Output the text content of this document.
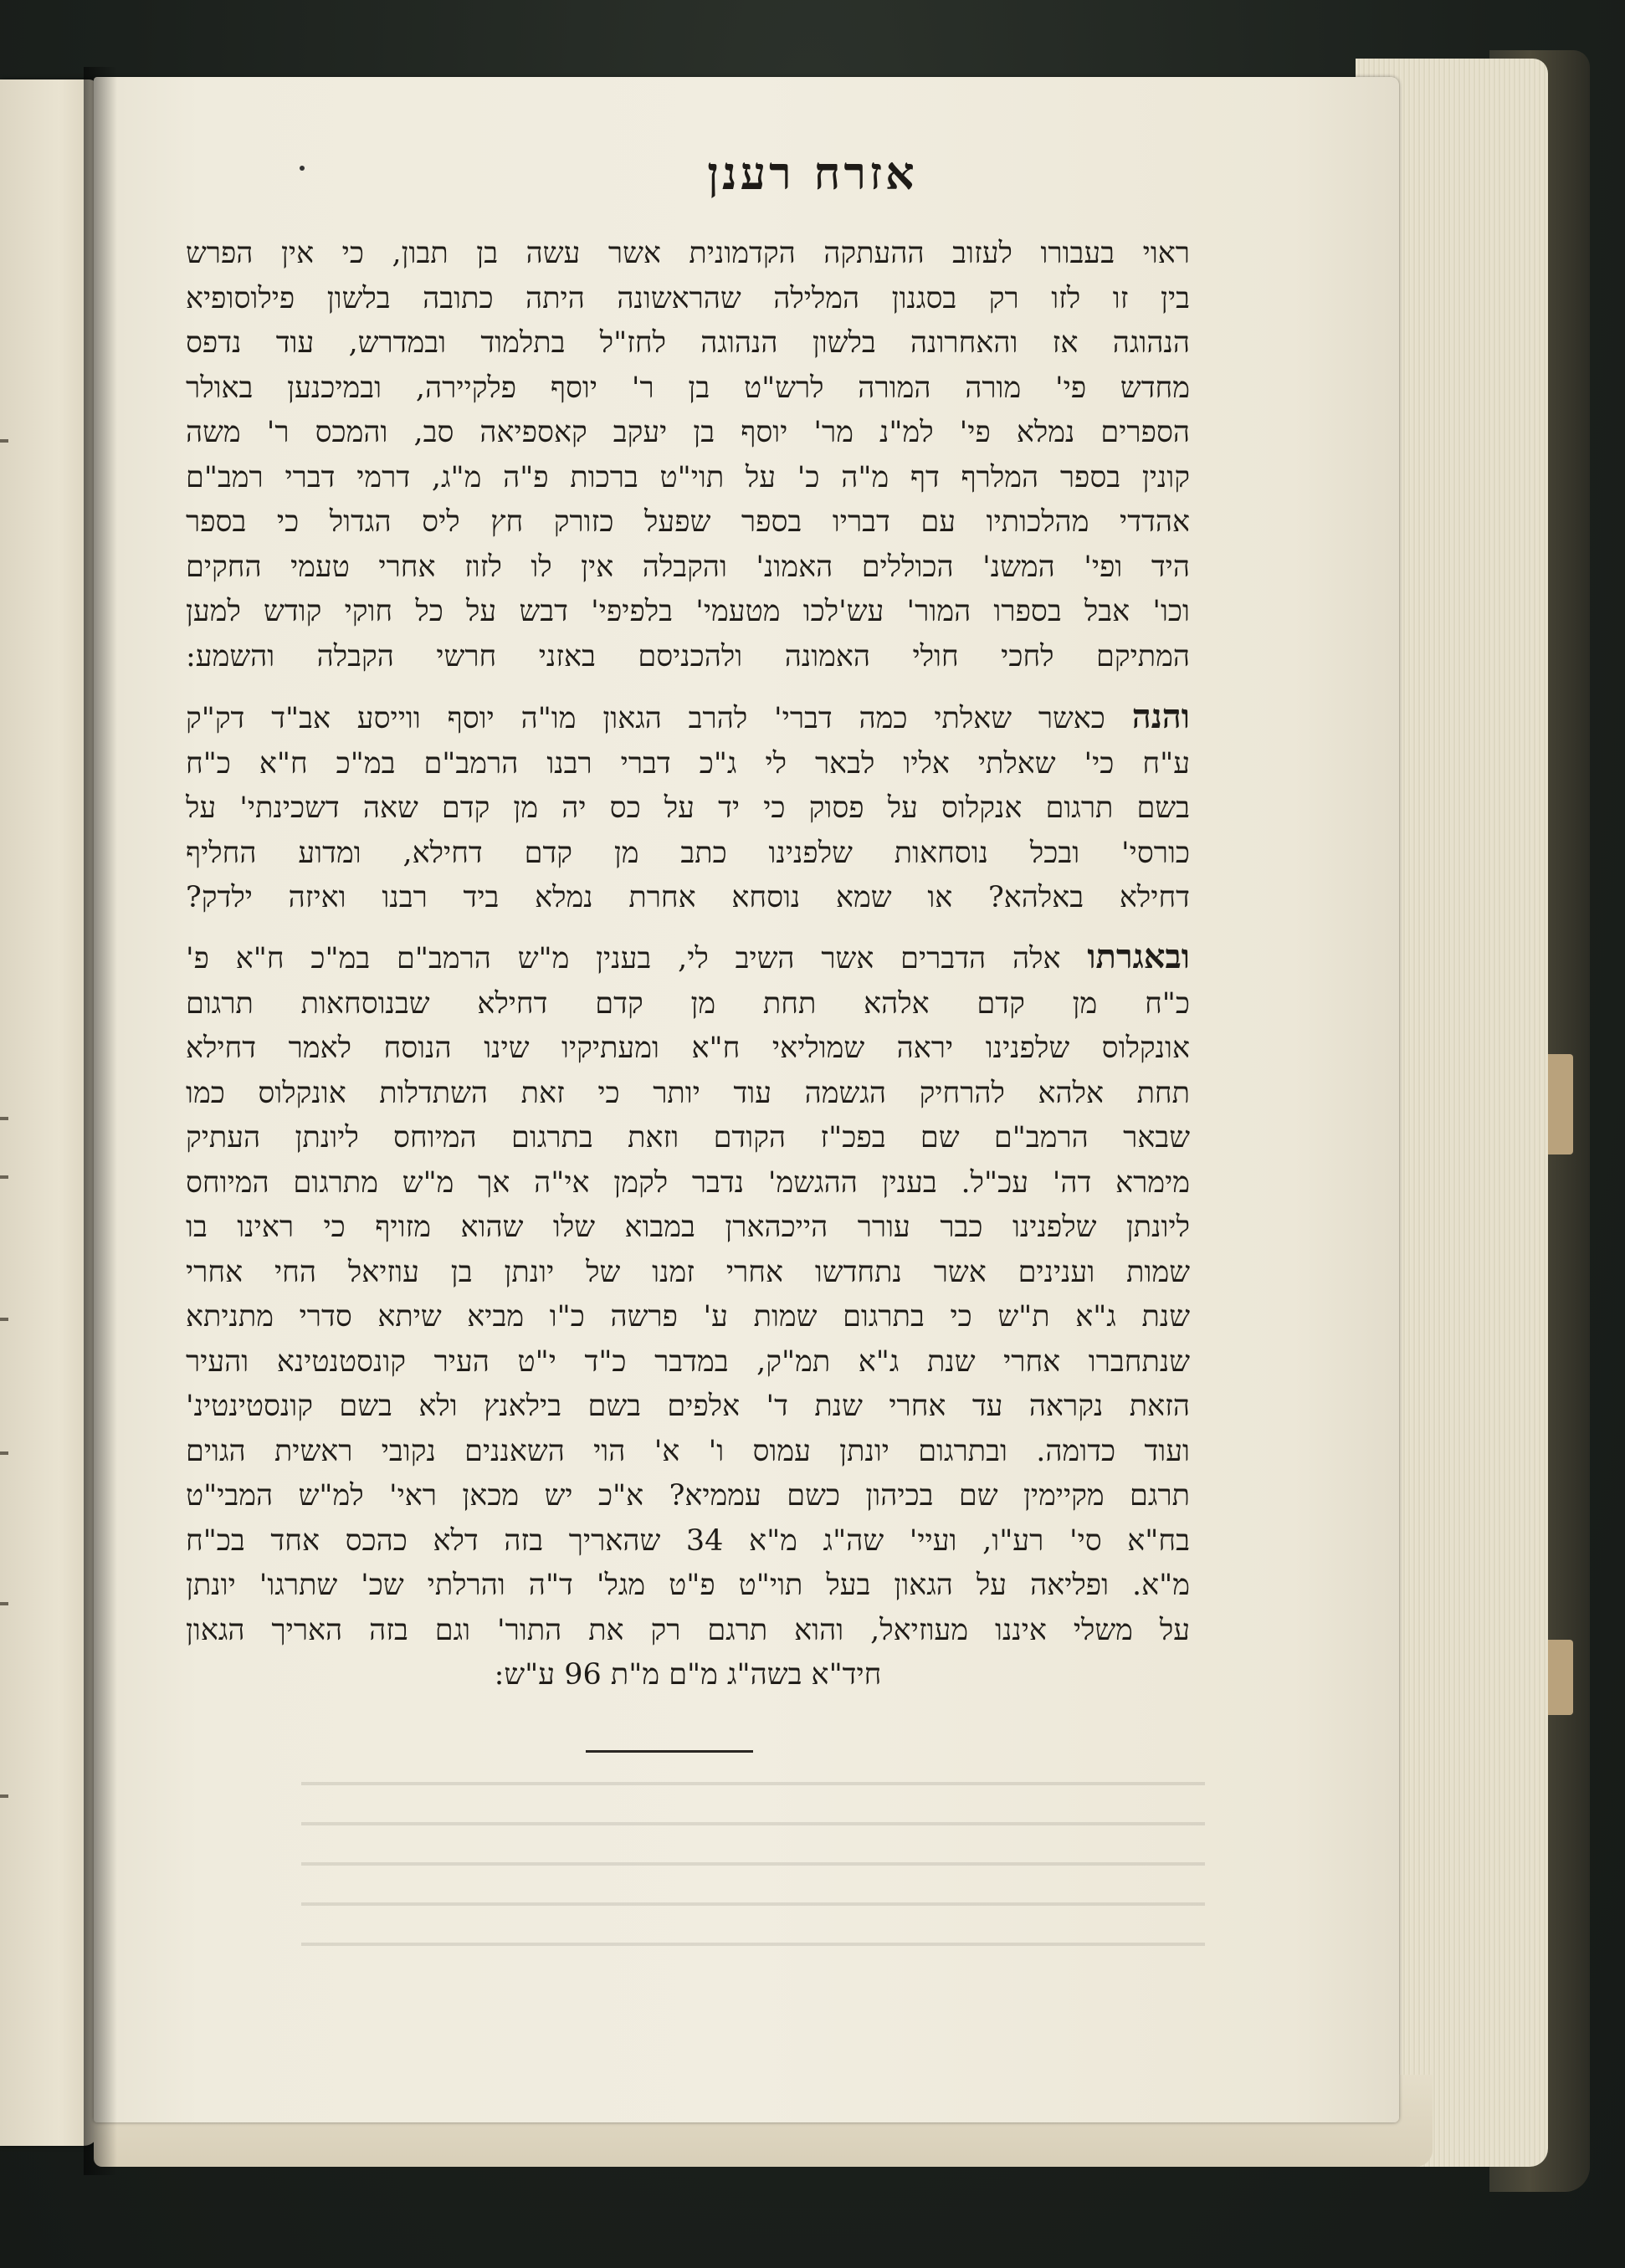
אזרח רענן
ראוי בעבורו לעזוב ההעתקה הקדמונית אשר עשה בן תבון, כי אין הפרש
בין זו לזו רק בסגנון המלילה שהראשונה היתה כתובה בלשון פילוסופיא
הנהוגה אז והאחרונה בלשון הנהוגה לחז"ל בתלמוד ובמדרש, עוד נדפס
מחדש פי' מורה המורה לרש"ט בן ר' יוסף פלקיירה, ובמיכנען באולר
הספרים נמלא פי' למ"נ מר' יוסף בן יעקב קאספיאה סב, והמכס ר' משה
קונין בספר המלרף דף מ"ה כ' על תוי"ט ברכות פ"ה מ"ג, דרמי דברי רמב"ם
אהדדי מהלכותיו עם דבריו בספר שפעל כזורק חץ ליס הגדול כי בספר
היד ופי' המשנ' הכוללים האמונ' והקבלה אין לו לזוז אחרי טעמי החקים
וכו' אבל בספרו המור' עש'לכו מטעמי' בלפיפי' דבש על כל חוקי קודש למען
המתיקם לחכי חולי האמונה ולהכניסם באזני חרשי הקבלה והשמע:
והנה כאשר שאלתי כמה דברי' להרב הגאון מו"ה יוסף ווייסע אב"ד דק"ק
ע"ח כי' שאלתי אליו לבאר לי ג"כ דברי רבנו הרמב"ם במ"כ ח"א כ"ח
בשם תרגום אנקלוס על פסוק כי יד על כס יה מן קדם שאה דשכינתי' על
כורסי' ובכל נוסחאות שלפנינו כתב מן קדם דחילא, ומדוע החליף
דחילא באלהא? או שמא נוסחא אחרת נמלא ביד רבנו ואיזה ילדק?
ובאגרתו אלה הדברים אשר השיב לי, בענין מ"ש הרמב"ם במ"כ ח"א פ'
כ"ח מן קדם אלהא תחת מן קדם דחילא שבנוסחאות תרגום
אונקלוס שלפנינו יראה שמוליאי ח"א ומעתיקיו שינו הנוסח לאמר דחילא
תחת אלהא להרחיק הגשמה עוד יותר כי זאת השתדלות אונקלוס כמו
שבאר הרמב"ם שם בפכ"ז הקודם וזאת בתרגום המיוחס ליונתן העתיק
מימרא דה' עכ"ל. בענין ההגשמ' נדבר לקמן אי"ה אך מ"ש מתרגום המיוחס
ליונתן שלפנינו כבר עורר הייכהארן במבוא שלו שהוא מזויף כי ראינו בו
שמות וענינים אשר נתחדשו אחרי זמנו של יונתן בן עוזיאל החי אחרי
שנת ג"א ת"ש כי בתרגום שמות ע' פרשה כ"ו מביא שיתא סדרי מתניתא
שנתחברו אחרי שנת ג"א תמ"ק, במדבר כ"ד י"ט העיר קונסטנטינא והעיר
הזאת נקראה עד אחרי שנת ד' אלפים בשם בילאנץ ולא בשם קונסטינטינ'
ועוד כדומה. ובתרגום יונתן עמוס ו' א' הוי השאננים נקובי ראשית הגוים
תרגם מקיימין שם בכיהון כשם עממיא? א"כ יש מכאן ראי' למ"ש המבי"ט
בח"א סי' רע"ו, ועיי' שה"ג מ"א 34 שהאריך בזה דלא כהכס אחד בכ"ח
מ"א. ופליאה על הגאון בעל תוי"ט פ"ט מגל' ד"ה והרלתי שכ' שתרגו' יונתן
על משלי איננו מעוזיאל, והוא תרגם רק את התור' וגם בזה האריך הגאון
חיד"א בשה"ג מ"ם מ"ת 96 ע"ש:
